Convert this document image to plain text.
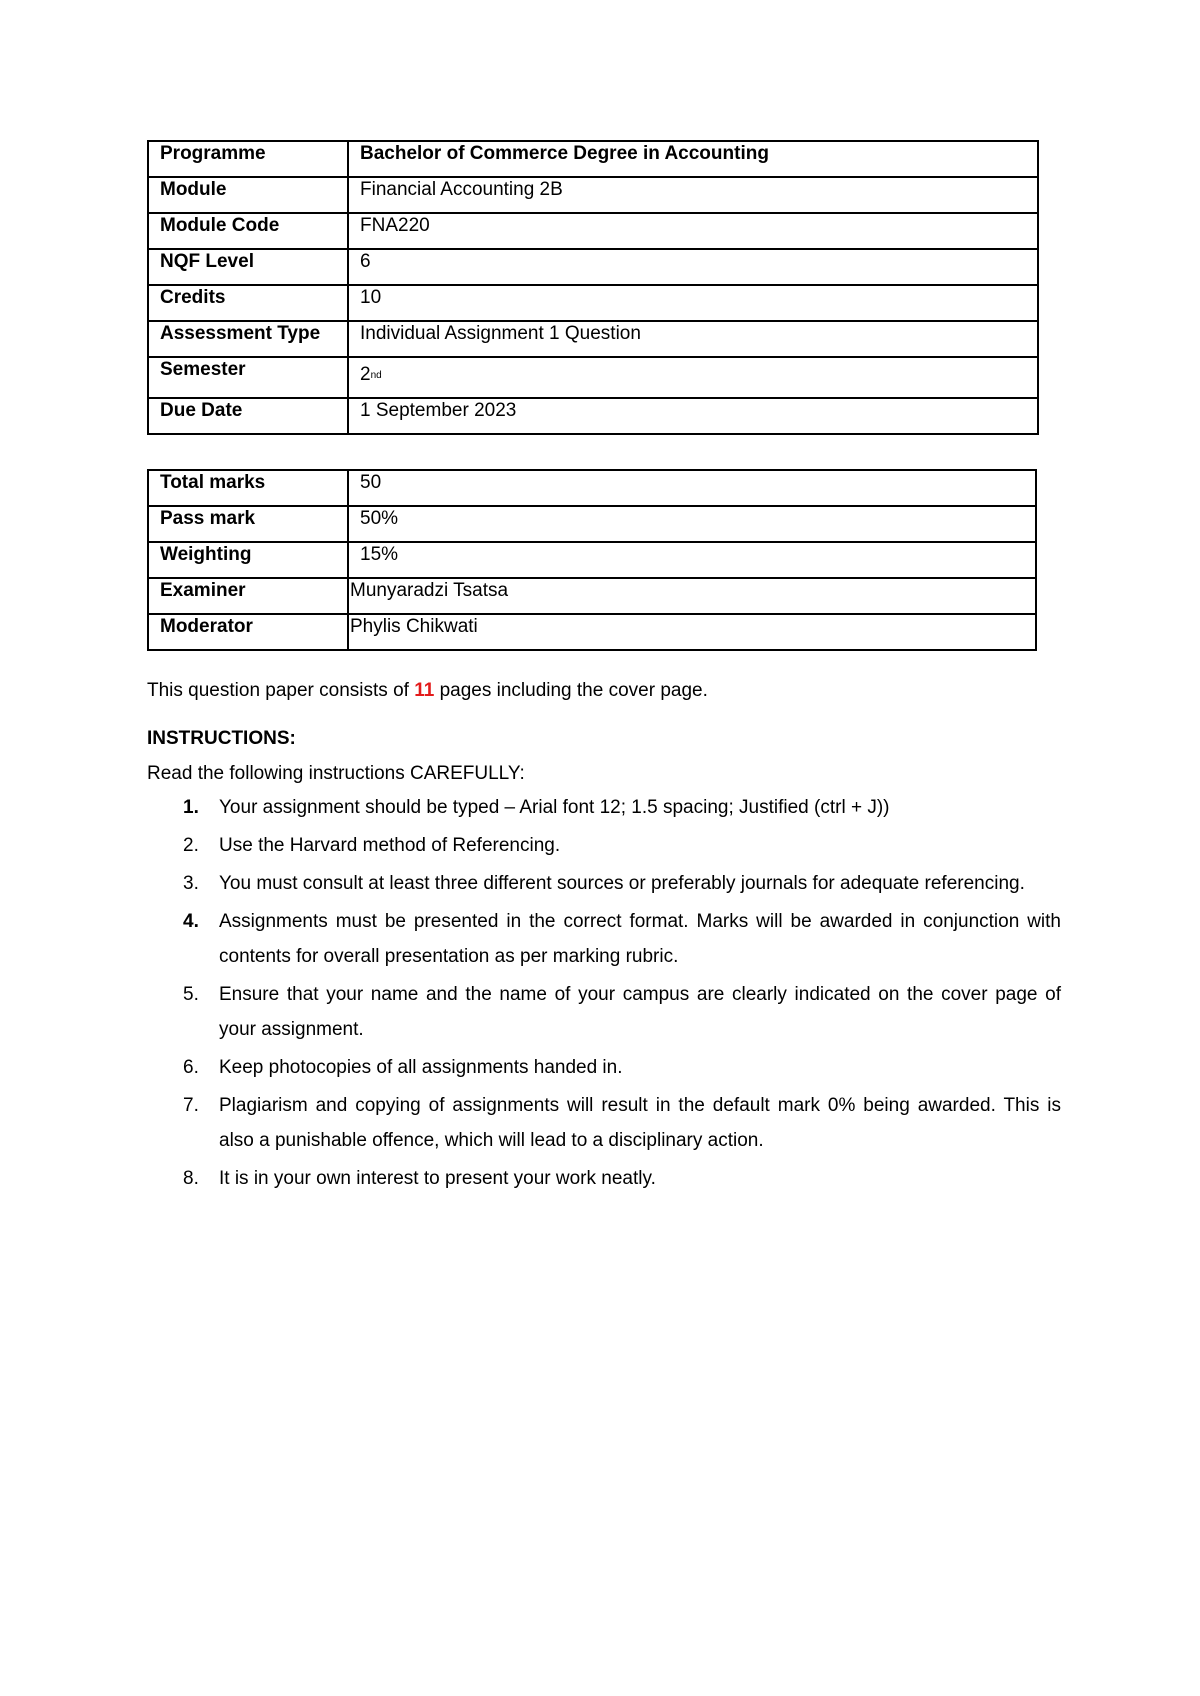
Programme	Bachelor of Commerce Degree in Accounting
Module	Financial Accounting 2B
Module Code	FNA220
NQF Level	6
Credits	10
Assessment Type	Individual Assignment 1 Question
Semester	2nd
Due Date	1 September 2023
Total marks	50
Pass mark	50%
Weighting	15%
Examiner	Munyaradzi Tsatsa
Moderator	Phylis Chikwati
This question paper consists of 11 pages including the cover page.
INSTRUCTIONS:
Read the following instructions CAREFULLY:
1. Your assignment should be typed – Arial font 12; 1.5 spacing; Justified (ctrl + J))
2. Use the Harvard method of Referencing.
3. You must consult at least three different sources or preferably journals for adequate referencing.
4. Assignments must be presented in the correct format. Marks will be awarded in conjunction with contents for overall presentation as per marking rubric.
5. Ensure that your name and the name of your campus are clearly indicated on the cover page of your assignment.
6. Keep photocopies of all assignments handed in.
7. Plagiarism and copying of assignments will result in the default mark 0% being awarded. This is also a punishable offence, which will lead to a disciplinary action.
8. It is in your own interest to present your work neatly.
